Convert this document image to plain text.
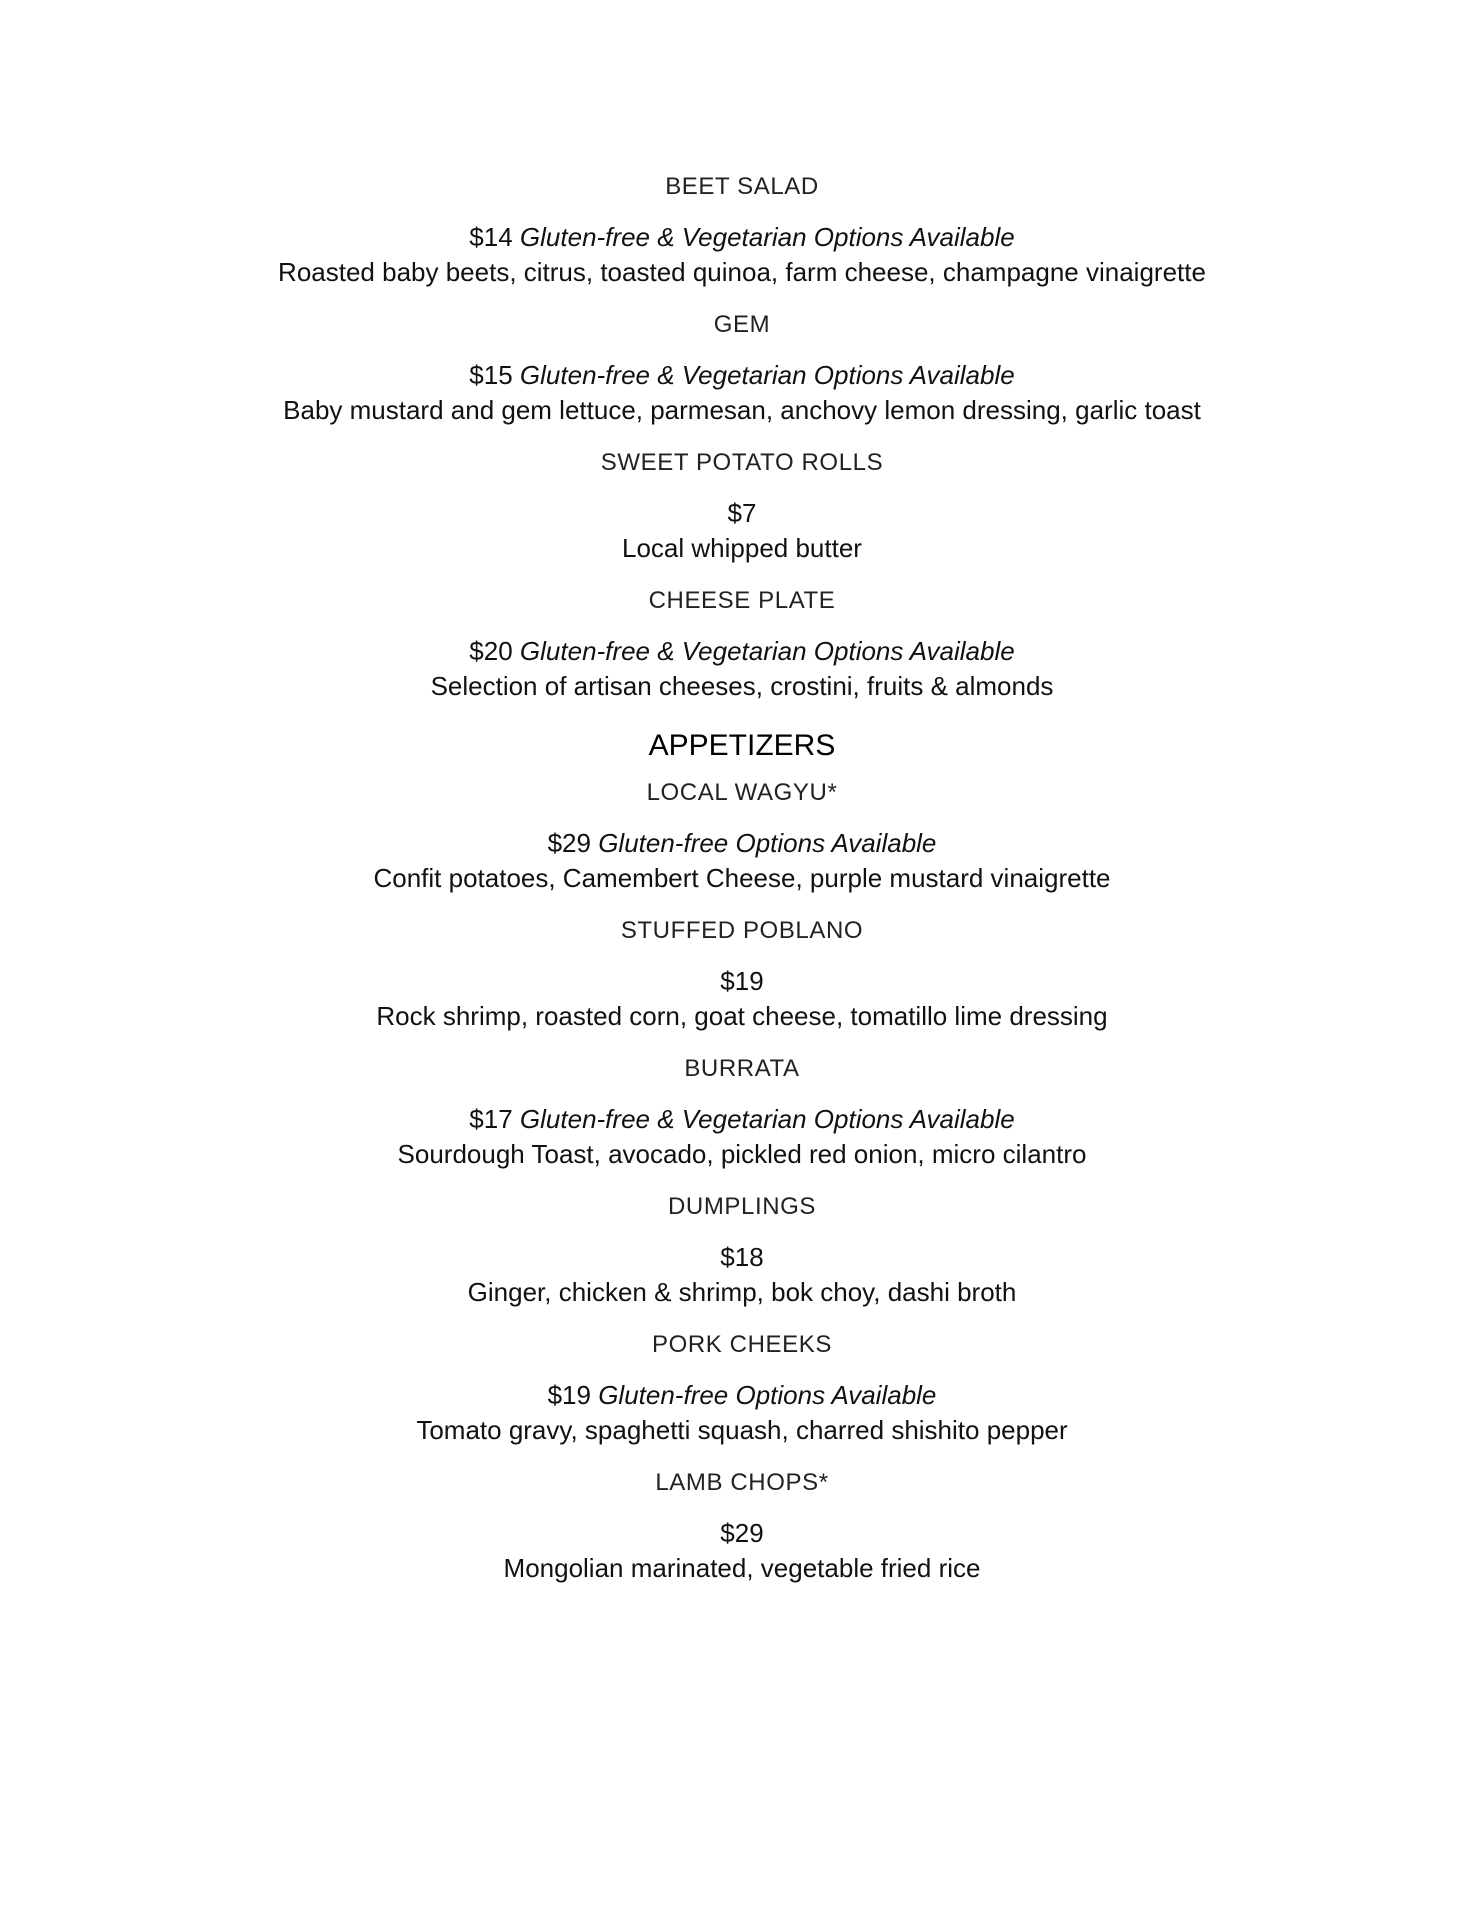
BEET SALAD
$14 Gluten-free & Vegetarian Options Available
Roasted baby beets, citrus, toasted quinoa, farm cheese, champagne vinaigrette
GEM
$15 Gluten-free & Vegetarian Options Available
Baby mustard and gem lettuce, parmesan, anchovy lemon dressing, garlic toast
SWEET POTATO ROLLS
$7
Local whipped butter
CHEESE PLATE
$20 Gluten-free & Vegetarian Options Available
Selection of artisan cheeses, crostini, fruits & almonds
APPETIZERS
LOCAL WAGYU*
$29 Gluten-free Options Available
Confit potatoes, Camembert Cheese, purple mustard vinaigrette
STUFFED POBLANO
$19
Rock shrimp, roasted corn, goat cheese, tomatillo lime dressing
BURRATA
$17 Gluten-free & Vegetarian Options Available
Sourdough Toast, avocado, pickled red onion, micro cilantro
DUMPLINGS
$18
Ginger, chicken & shrimp, bok choy, dashi broth
PORK CHEEKS
$19 Gluten-free Options Available
Tomato gravy, spaghetti squash, charred shishito pepper
LAMB CHOPS*
$29
Mongolian marinated, vegetable fried rice
